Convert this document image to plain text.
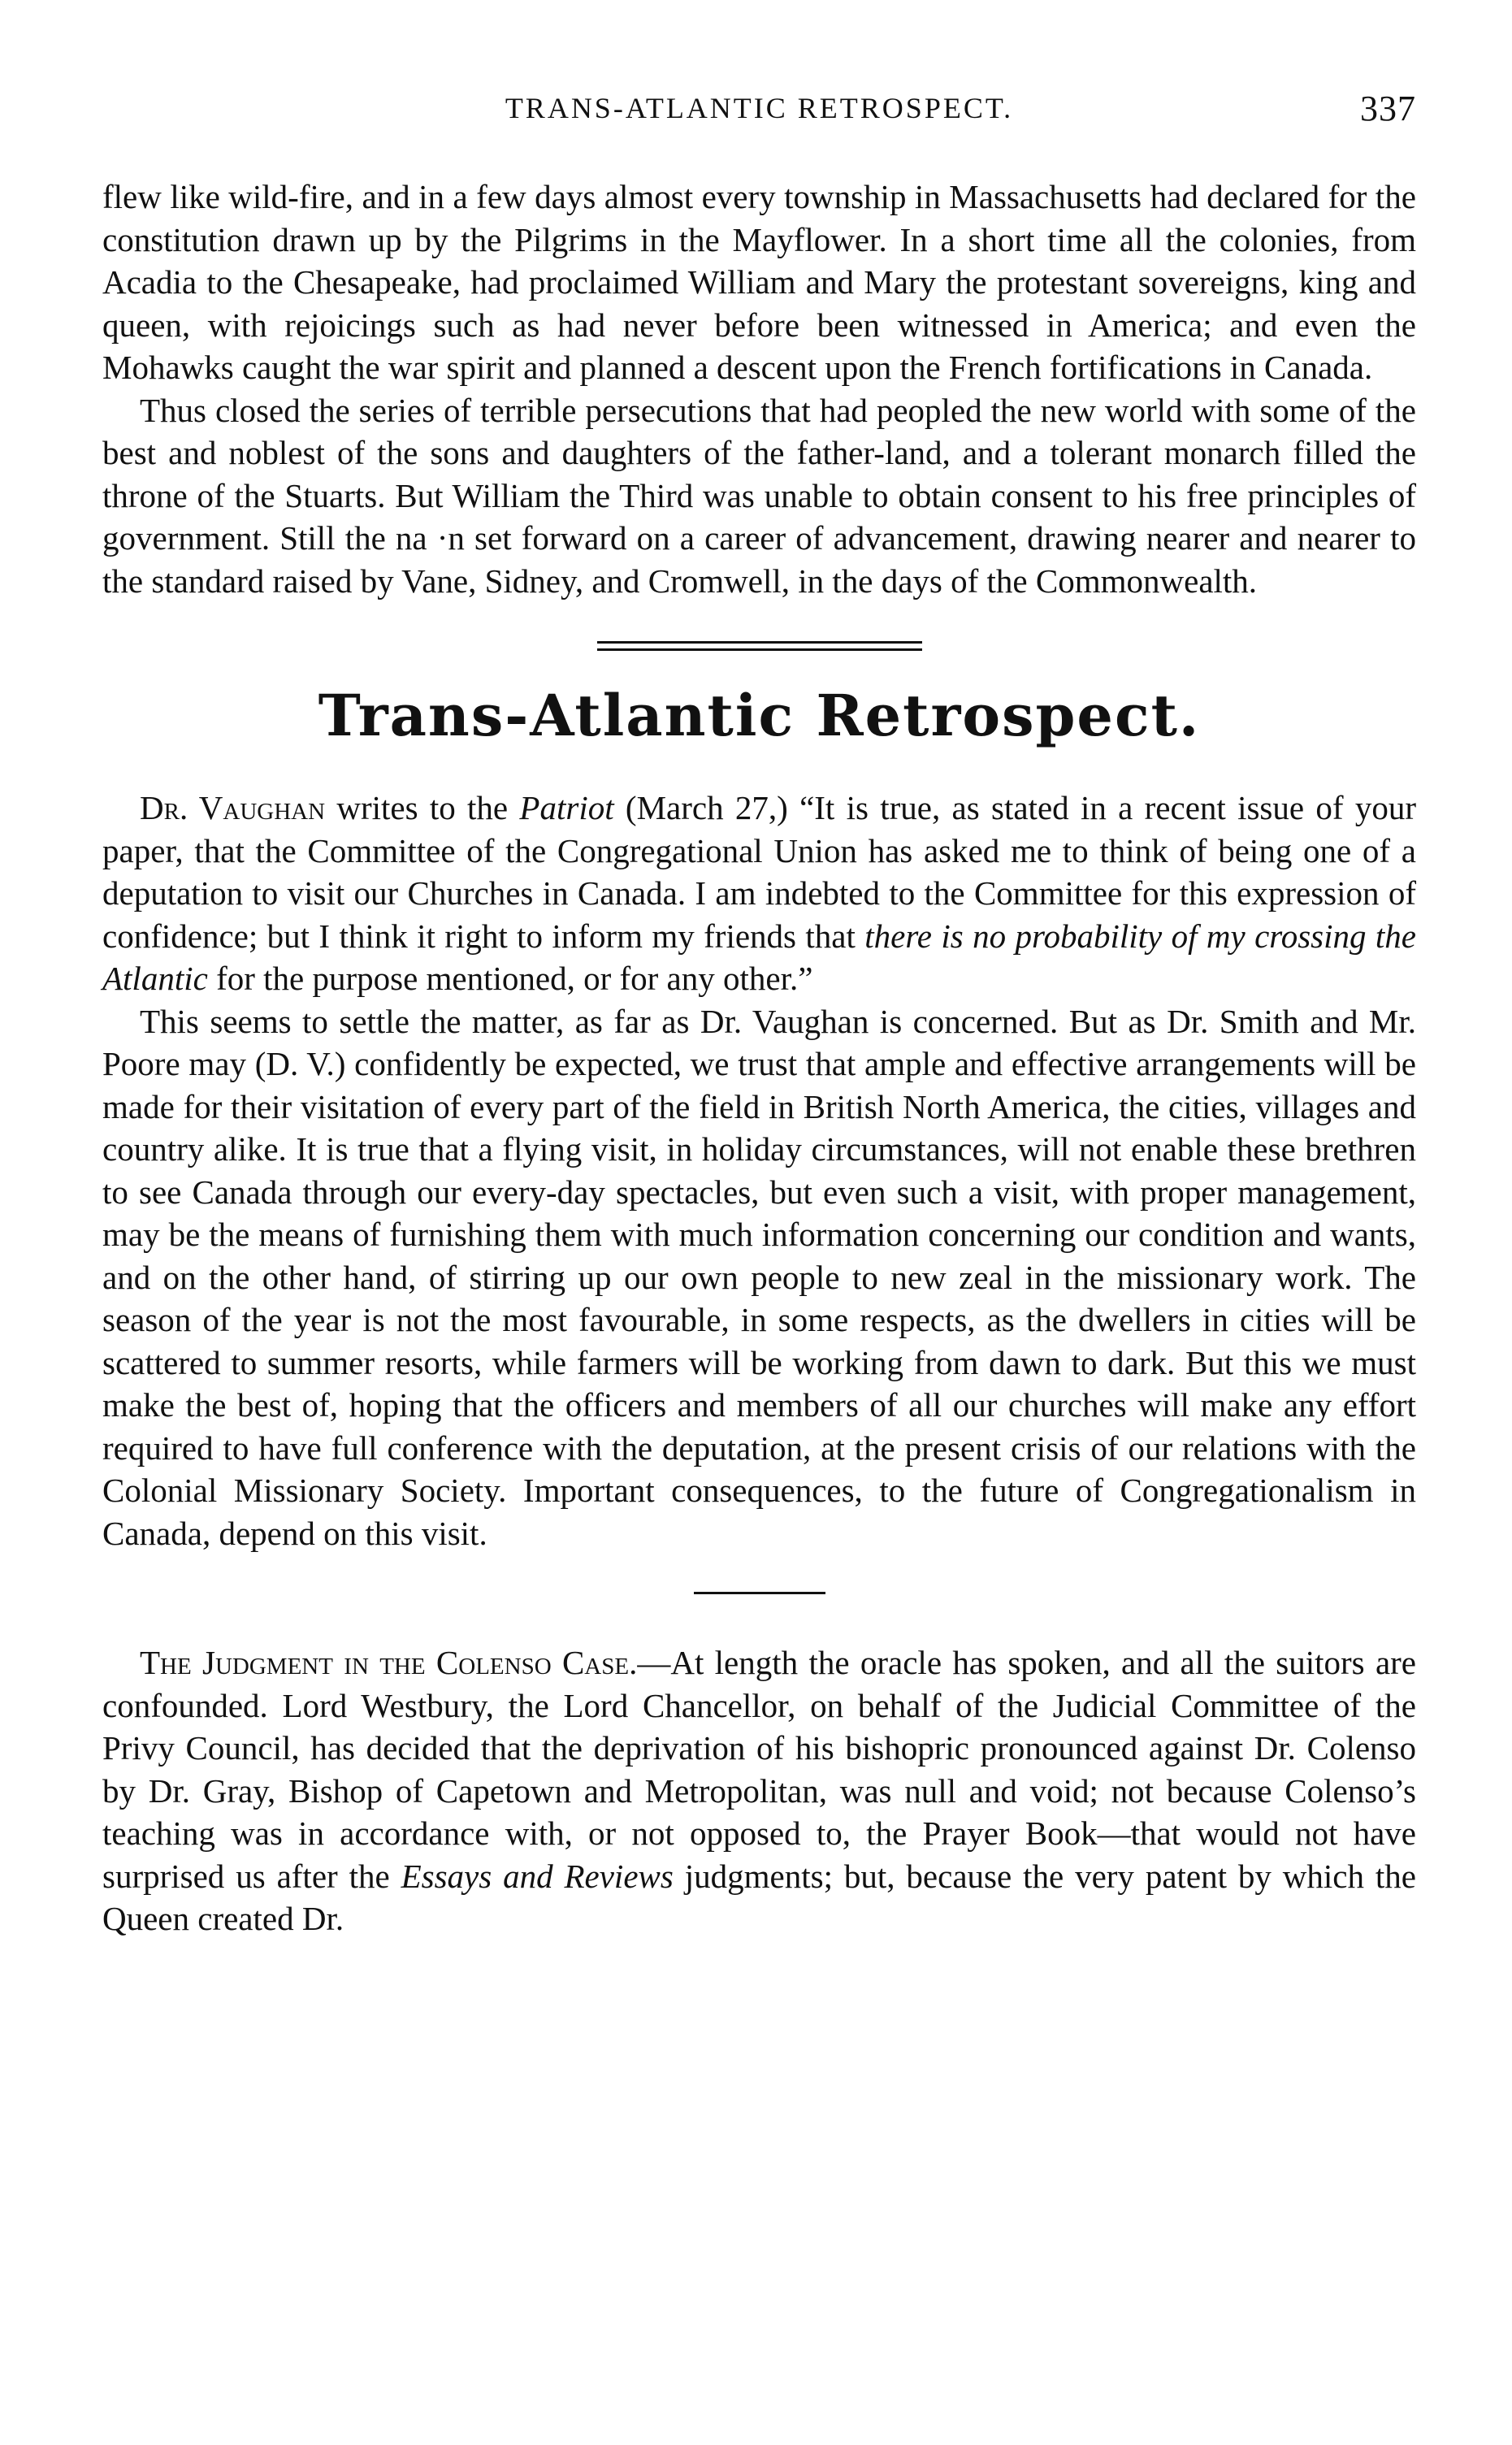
TRANS-ATLANTIC RETROSPECT.	337

flew like wild-fire, and in a few days almost every township in Massachusetts had declared for the constitution drawn up by the Pilgrims in the Mayflower. In a short time all the colonies, from Acadia to the Chesapeake, had proclaimed William and Mary the protestant sovereigns, king and queen, with rejoicings such as had never before been witnessed in America; and even the Mohawks caught the war spirit and planned a descent upon the French fortifications in Canada.

Thus closed the series of terrible persecutions that had peopled the new world with some of the best and noblest of the sons and daughters of the father-land, and a tolerant monarch filled the throne of the Stuarts. But William the Third was unable to obtain consent to his free principles of government. Still the na ·n set forward on a career of advancement, drawing nearer and nearer to the standard raised by Vane, Sidney, and Cromwell, in the days of the Commonwealth.

Trans-Atlantic Retrospect.

Dr. Vaughan writes to the Patriot (March 27,) “It is true, as stated in a recent issue of your paper, that the Committee of the Congregational Union has asked me to think of being one of a deputation to visit our Churches in Canada. I am indebted to the Committee for this expression of confidence; but I think it right to inform my friends that there is no probability of my crossing the Atlantic for the purpose mentioned, or for any other.”

This seems to settle the matter, as far as Dr. Vaughan is concerned. But as Dr. Smith and Mr. Poore may (D. V.) confidently be expected, we trust that ample and effective arrangements will be made for their visitation of every part of the field in British North America, the cities, villages and country alike. It is true that a flying visit, in holiday circumstances, will not enable these brethren to see Canada through our every-day spectacles, but even such a visit, with proper management, may be the means of furnishing them with much information concerning our condition and wants, and on the other hand, of stirring up our own people to new zeal in the missionary work. The season of the year is not the most favourable, in some respects, as the dwellers in cities will be scattered to summer resorts, while farmers will be working from dawn to dark. But this we must make the best of, hoping that the officers and members of all our churches will make any effort required to have full conference with the deputation, at the present crisis of our relations with the Colonial Missionary Society. Important consequences, to the future of Congregationalism in Canada, depend on this visit.

The Judgment in the Colenso Case.—At length the oracle has spoken, and all the suitors are confounded. Lord Westbury, the Lord Chancellor, on behalf of the Judicial Committee of the Privy Council, has decided that the deprivation of his bishopric pronounced against Dr. Colenso by Dr. Gray, Bishop of Capetown and Metropolitan, was null and void; not because Colenso’s teaching was in accordance with, or not opposed to, the Prayer Book—that would not have surprised us after the Essays and Reviews judgments; but, because the very patent by which the Queen created Dr.
